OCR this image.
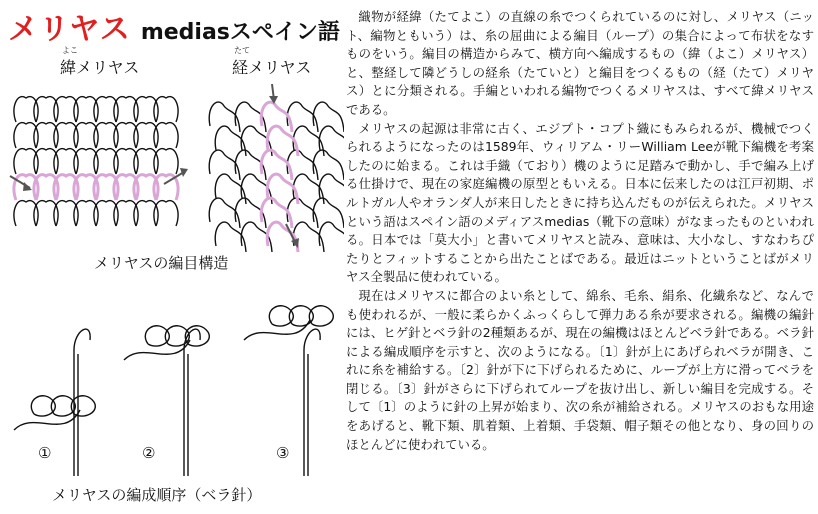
メリヤス mediasスペイン語
よこ
緯メリヤス
たて
経メリヤス
メリヤスの編目構造
①	②	③
メリヤスの編成順序（ベラ針）

織物が経緯（たてよこ）の直線の糸でつくられているのに対し、メリヤス（ニット、編物ともいう）は、糸の屈曲による編目（ループ）の集合によって布状をなすものをいう。編目の構造からみて、横方向へ編成するもの（緯（よこ）メリヤス）と、整経して隣どうしの経糸（たていと）と編目をつくるもの（経（たて）メリヤス）とに分類される。手編といわれる編物でつくるメリヤスは、すべて緯メリヤスである。

メリヤスの起源は非常に古く、エジプト・コプト織にもみられるが、機械でつくられるようになったのは1589年、ウィリアム・リーWilliam Leeが靴下編機を考案したのに始まる。これは手織（ており）機のように足踏みで動かし、手で編み上げる仕掛けで、現在の家庭編機の原型ともいえる。日本に伝来したのは江戸初期、ポルトガル人やオランダ人が来日したときに持ち込んだものが伝えられた。メリヤスという語はスペイン語のメディアスmedias（靴下の意味）がなまったものといわれる。日本では「莫大小」と書いてメリヤスと読み、意味は、大小なし、すなわちぴたりとフィットすることから出たことばである。最近はニットということばがメリヤス全製品に使われている。

現在はメリヤスに都合のよい糸として、綿糸、毛糸、絹糸、化繊糸など、なんでも使われるが、一般に柔らかくふっくらして弾力ある糸が要求される。編機の編針には、ヒゲ針とベラ針の2種類あるが、現在の編機はほとんどベラ針である。ベラ針による編成順序を示すと、次のようになる。〔1〕針が上にあげられベラが開き、これに糸を補給する。〔2〕針が下に下げられるために、ループが上方に滑ってベラを閉じる。〔3〕針がさらに下げられてループを抜け出し、新しい編目を完成する。そして〔1〕のように針の上昇が始まり、次の糸が補給される。メリヤスのおもな用途をあげると、靴下類、肌着類、上着類、手袋類、帽子類その他となり、身の回りのほとんどに使われている。
